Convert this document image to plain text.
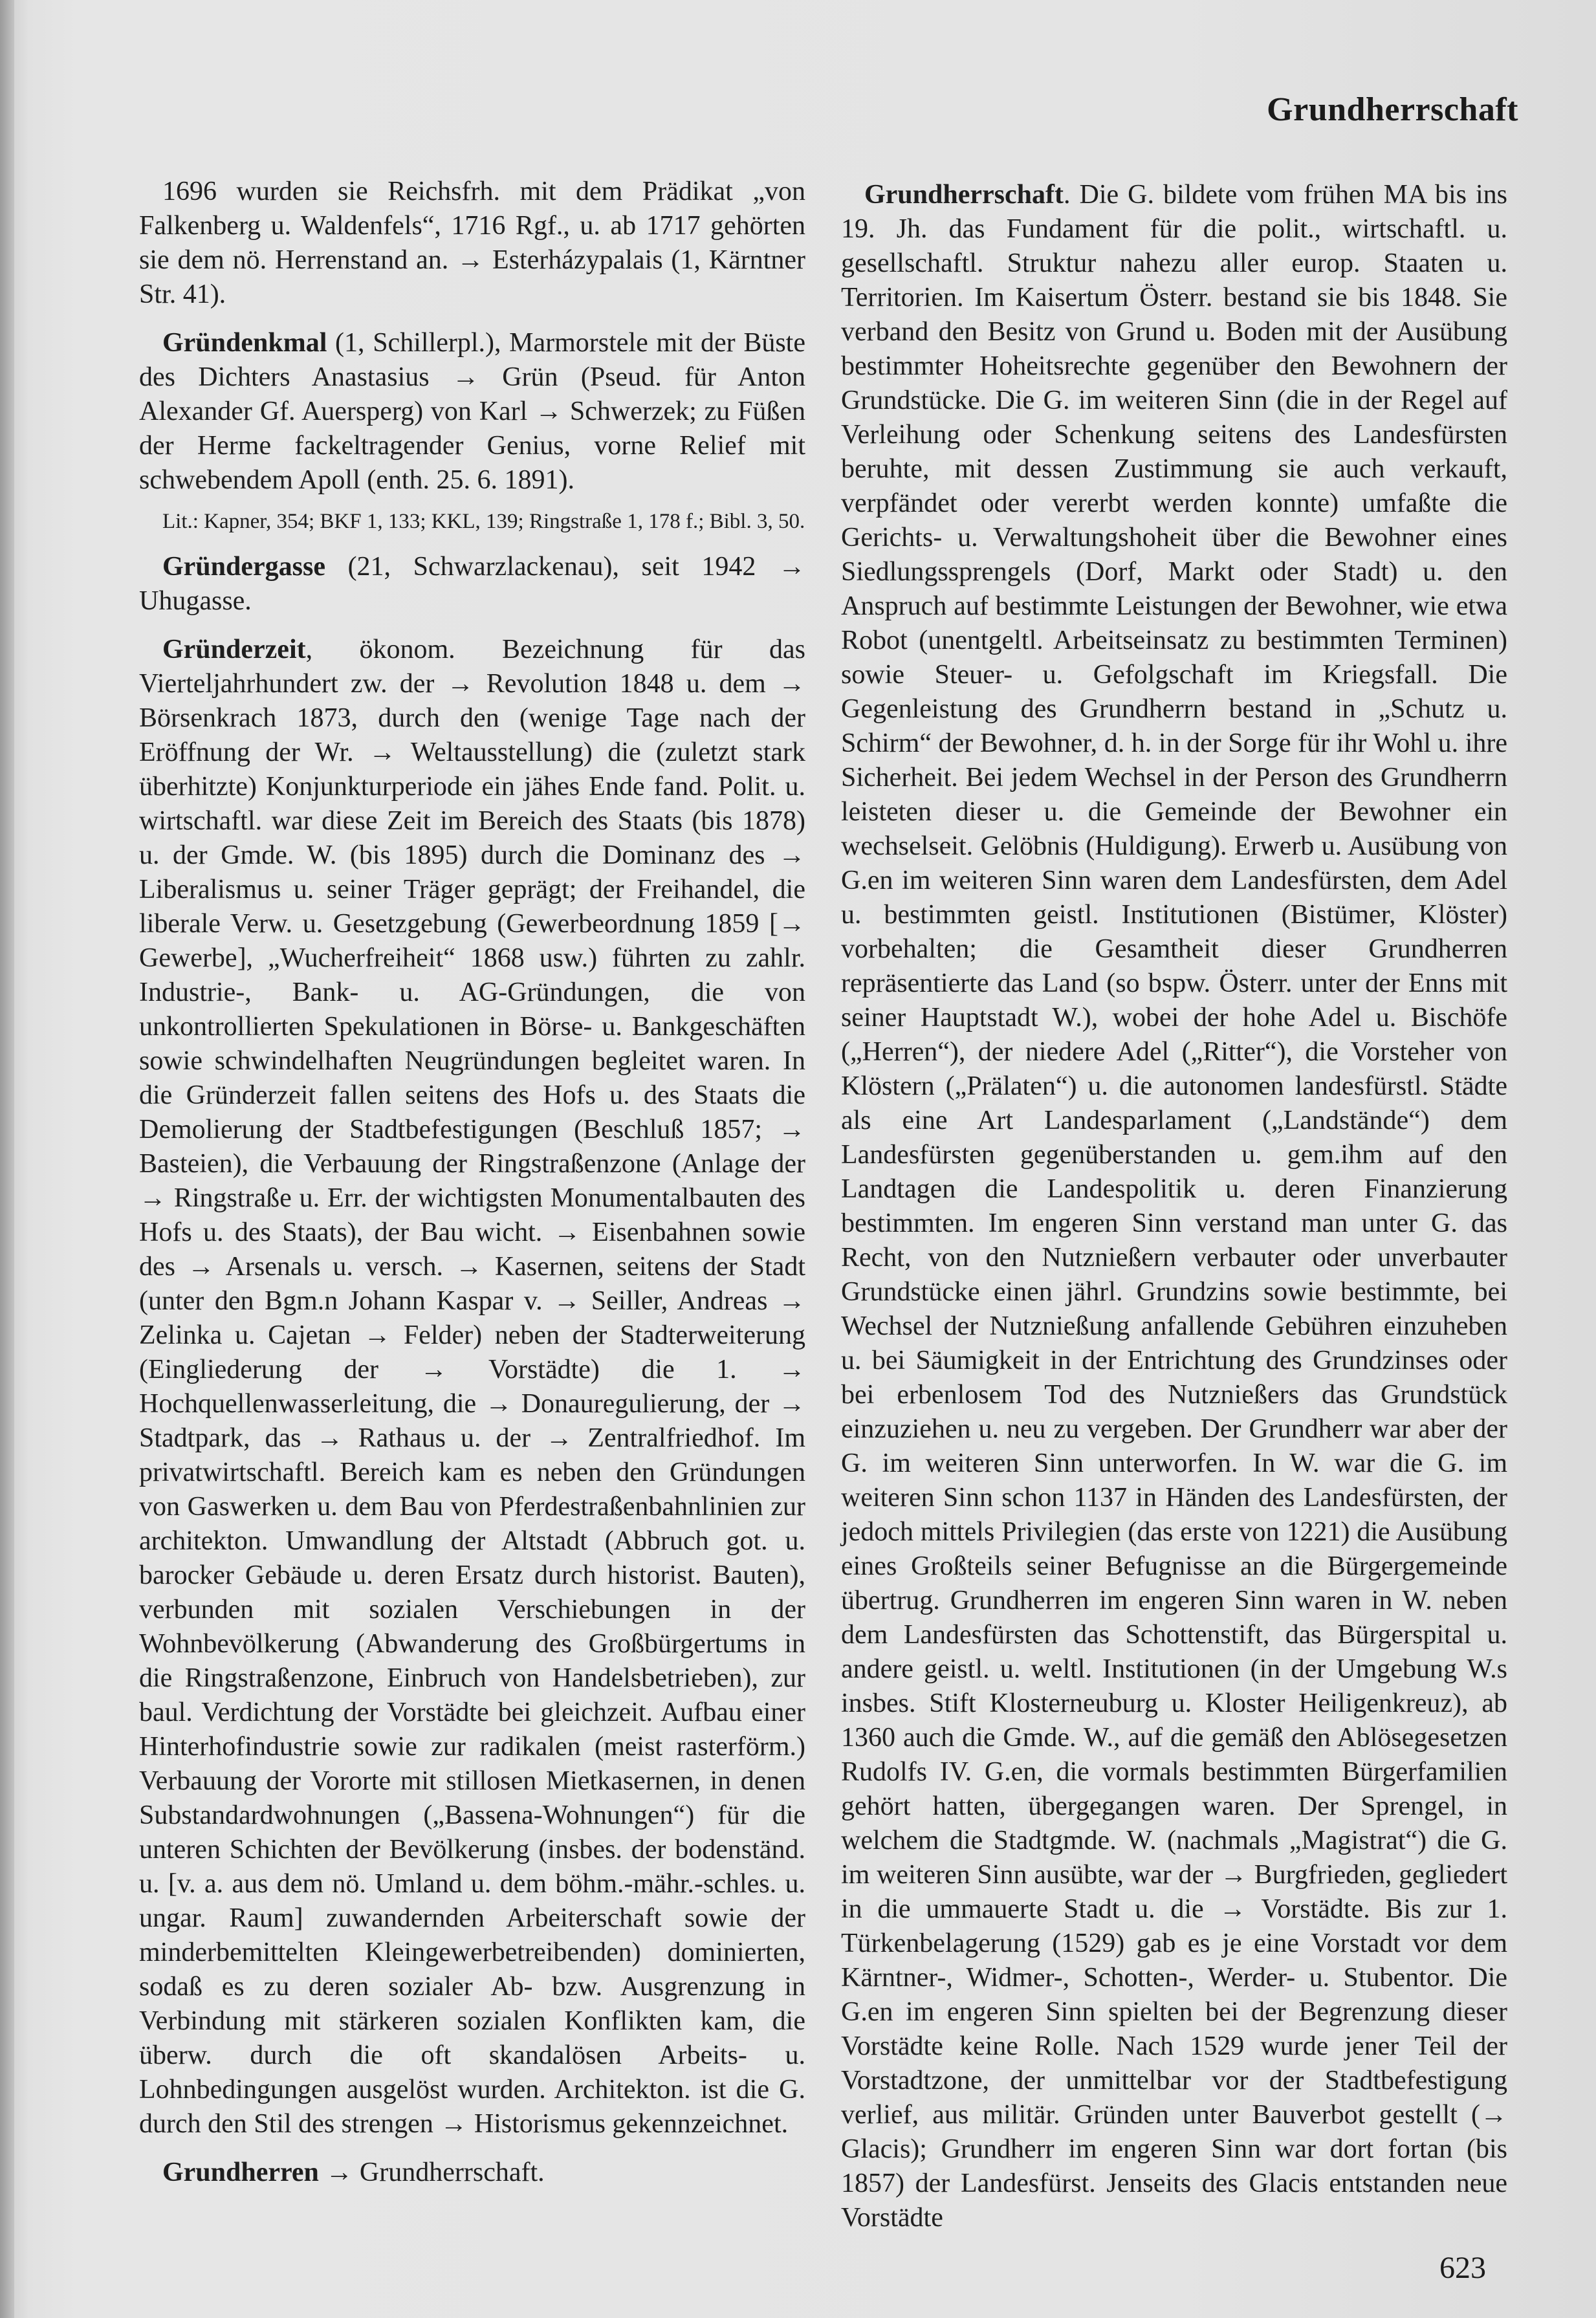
Grundherrschaft

1696 wurden sie Reichsfrh. mit dem Prädikat „von Falkenberg u. Waldenfels“, 1716 Rgf., u. ab 1717 gehörten sie dem nö. Herrenstand an. → Esterházypalais (1, Kärntner Str. 41).

Gründenkmal (1, Schillerpl.), Marmorstele mit der Büste des Dichters Anastasius → Grün (Pseud. für Anton Alexander Gf. Auersperg) von Karl → Schwerzek; zu Füßen der Herme fackeltragender Genius, vorne Relief mit schwebendem Apoll (enth. 25. 6. 1891).

Lit.: Kapner, 354; BKF 1, 133; KKL, 139; Ringstraße 1, 178 f.; Bibl. 3, 50.

Gründergasse (21, Schwarzlackenau), seit 1942 → Uhugasse.

Gründerzeit, ökonom. Bezeichnung für das Vierteljahrhundert zw. der → Revolution 1848 u. dem → Börsenkrach 1873, durch den (wenige Tage nach der Eröffnung der Wr. → Weltausstellung) die (zuletzt stark überhitzte) Konjunkturperiode ein jähes Ende fand. Polit. u. wirtschaftl. war diese Zeit im Bereich des Staats (bis 1878) u. der Gmde. W. (bis 1895) durch die Dominanz des → Liberalismus u. seiner Träger geprägt; der Freihandel, die liberale Verw. u. Gesetzgebung (Gewerbeordnung 1859 [→ Gewerbe], „Wucherfreiheit“ 1868 usw.) führten zu zahlr. Industrie-, Bank- u. AG-Gründungen, die von unkontrollierten Spekulationen in Börse- u. Bankgeschäften sowie schwindelhaften Neugründungen begleitet waren. In die Gründerzeit fallen seitens des Hofs u. des Staats die Demolierung der Stadtbefestigungen (Beschluß 1857; → Basteien), die Verbauung der Ringstraßenzone (Anlage der → Ringstraße u. Err. der wichtigsten Monumentalbauten des Hofs u. des Staats), der Bau wicht. → Eisenbahnen sowie des → Arsenals u. versch. → Kasernen, seitens der Stadt (unter den Bgm.n Johann Kaspar v. → Seiller, Andreas → Zelinka u. Cajetan → Felder) neben der Stadterweiterung (Eingliederung der → Vorstädte) die 1. → Hochquellenwasserleitung, die → Donauregulierung, der → Stadtpark, das → Rathaus u. der → Zentralfriedhof. Im privatwirtschaftl. Bereich kam es neben den Gründungen von Gaswerken u. dem Bau von Pferdestraßenbahnlinien zur architekton. Umwandlung der Altstadt (Abbruch got. u. barocker Gebäude u. deren Ersatz durch historist. Bauten), verbunden mit sozialen Verschiebungen in der Wohnbevölkerung (Abwanderung des Großbürgertums in die Ringstraßenzone, Einbruch von Handelsbetrieben), zur baul. Verdichtung der Vorstädte bei gleichzeit. Aufbau einer Hinterhofindustrie sowie zur radikalen (meist rasterförm.) Verbauung der Vororte mit stillosen Mietkasernen, in denen Substandardwohnungen („Bassena-Wohnungen“) für die unteren Schichten der Bevölkerung (insbes. der bodenständ. u. [v. a. aus dem nö. Umland u. dem böhm.-mähr.-schles. u. ungar. Raum] zuwandernden Arbeiterschaft sowie der minderbemittelten Kleingewerbetreibenden) dominierten, sodaß es zu deren sozialer Ab- bzw. Ausgrenzung in Verbindung mit stärkeren sozialen Konflikten kam, die überw. durch die oft skandalösen Arbeits- u. Lohnbedingungen ausgelöst wurden. Architekton. ist die G. durch den Stil des strengen → Historismus gekennzeichnet.

Grundherren → Grundherrschaft.

Grundherrschaft. Die G. bildete vom frühen MA bis ins 19. Jh. das Fundament für die polit., wirtschaftl. u. gesellschaftl. Struktur nahezu aller europ. Staaten u. Territorien. Im Kaisertum Österr. bestand sie bis 1848. Sie verband den Besitz von Grund u. Boden mit der Ausübung bestimmter Hoheitsrechte gegenüber den Bewohnern der Grundstücke. Die G. im weiteren Sinn (die in der Regel auf Verleihung oder Schenkung seitens des Landesfürsten beruhte, mit dessen Zustimmung sie auch verkauft, verpfändet oder vererbt werden konnte) umfaßte die Gerichts- u. Verwaltungshoheit über die Bewohner eines Siedlungssprengels (Dorf, Markt oder Stadt) u. den Anspruch auf bestimmte Leistungen der Bewohner, wie etwa Robot (unentgeltl. Arbeitseinsatz zu bestimmten Terminen) sowie Steuer- u. Gefolgschaft im Kriegsfall. Die Gegenleistung des Grundherrn bestand in „Schutz u. Schirm“ der Bewohner, d. h. in der Sorge für ihr Wohl u. ihre Sicherheit. Bei jedem Wechsel in der Person des Grundherrn leisteten dieser u. die Gemeinde der Bewohner ein wechselseit. Gelöbnis (Huldigung). Erwerb u. Ausübung von G.en im weiteren Sinn waren dem Landesfürsten, dem Adel u. bestimmten geistl. Institutionen (Bistümer, Klöster) vorbehalten; die Gesamtheit dieser Grundherren repräsentierte das Land (so bspw. Österr. unter der Enns mit seiner Hauptstadt W.), wobei der hohe Adel u. Bischöfe („Herren“), der niedere Adel („Ritter“), die Vorsteher von Klöstern („Prälaten“) u. die autonomen landesfürstl. Städte als eine Art Landesparlament („Landstände“) dem Landesfürsten gegenüberstanden u. gem.ihm auf den Landtagen die Landespolitik u. deren Finanzierung bestimmten. Im engeren Sinn verstand man unter G. das Recht, von den Nutznießern verbauter oder unverbauter Grundstücke einen jährl. Grundzins sowie bestimmte, bei Wechsel der Nutznießung anfallende Gebühren einzuheben u. bei Säumigkeit in der Entrichtung des Grundzinses oder bei erbenlosem Tod des Nutznießers das Grundstück einzuziehen u. neu zu vergeben. Der Grundherr war aber der G. im weiteren Sinn unterworfen. In W. war die G. im weiteren Sinn schon 1137 in Händen des Landesfürsten, der jedoch mittels Privilegien (das erste von 1221) die Ausübung eines Großteils seiner Befugnisse an die Bürgergemeinde übertrug. Grundherren im engeren Sinn waren in W. neben dem Landesfürsten das Schottenstift, das Bürgerspital u. andere geistl. u. weltl. Institutionen (in der Umgebung W.s insbes. Stift Klosterneuburg u. Kloster Heiligenkreuz), ab 1360 auch die Gmde. W., auf die gemäß den Ablösegesetzen Rudolfs IV. G.en, die vormals bestimmten Bürgerfamilien gehört hatten, übergegangen waren. Der Sprengel, in welchem die Stadtgmde. W. (nachmals „Magistrat“) die G. im weiteren Sinn ausübte, war der → Burgfrieden, gegliedert in die ummauerte Stadt u. die → Vorstädte. Bis zur 1. Türkenbelagerung (1529) gab es je eine Vorstadt vor dem Kärntner-, Widmer-, Schotten-, Werder- u. Stubentor. Die G.en im engeren Sinn spielten bei der Begrenzung dieser Vorstädte keine Rolle. Nach 1529 wurde jener Teil der Vorstadtzone, der unmittelbar vor der Stadtbefestigung verlief, aus militär. Gründen unter Bauverbot gestellt (→ Glacis); Grundherr im engeren Sinn war dort fortan (bis 1857) der Landesfürst. Jenseits des Glacis entstanden neue Vorstädte

623
